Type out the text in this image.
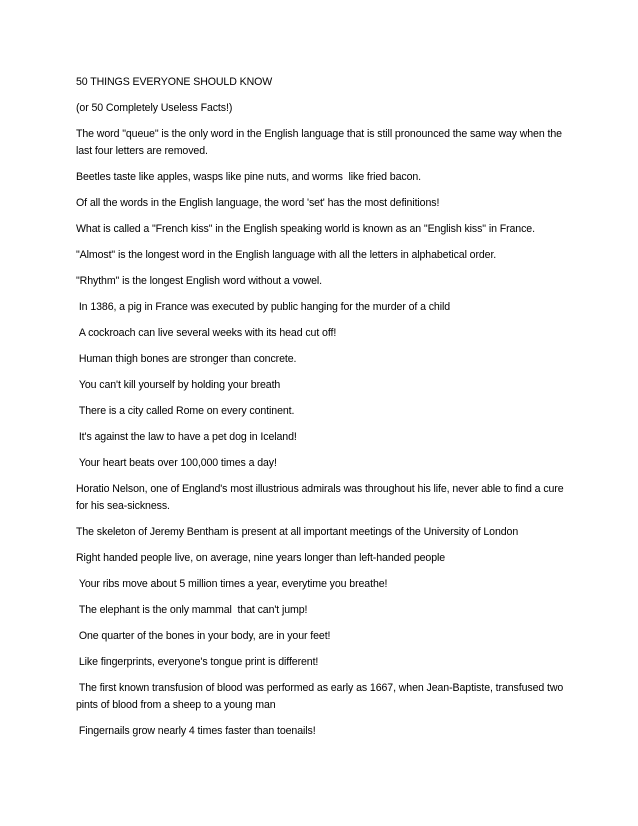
50 THINGS EVERYONE SHOULD KNOW

(or 50 Completely Useless Facts!)

The word "queue" is the only word in the English language that is still pronounced the same way when the last four letters are removed.

Beetles taste like apples, wasps like pine nuts, and worms  like fried bacon.

Of all the words in the English language, the word 'set' has the most definitions!

What is called a "French kiss" in the English speaking world is known as an "English kiss" in France.

"Almost" is the longest word in the English language with all the letters in alphabetical order.

"Rhythm" is the longest English word without a vowel.

In 1386, a pig in France was executed by public hanging for the murder of a child

A cockroach can live several weeks with its head cut off!

Human thigh bones are stronger than concrete.

You can't kill yourself by holding your breath

There is a city called Rome on every continent.

It's against the law to have a pet dog in Iceland!

Your heart beats over 100,000 times a day!

Horatio Nelson, one of England's most illustrious admirals was throughout his life, never able to find a cure for his sea-sickness.

The skeleton of Jeremy Bentham is present at all important meetings of the University of London

Right handed people live, on average, nine years longer than left-handed people

Your ribs move about 5 million times a year, everytime you breathe!

The elephant is the only mammal  that can't jump!

One quarter of the bones in your body, are in your feet!

Like fingerprints, everyone's tongue print is different!

The first known transfusion of blood was performed as early as 1667, when Jean-Baptiste, transfused two pints of blood from a sheep to a young man

Fingernails grow nearly 4 times faster than toenails!
